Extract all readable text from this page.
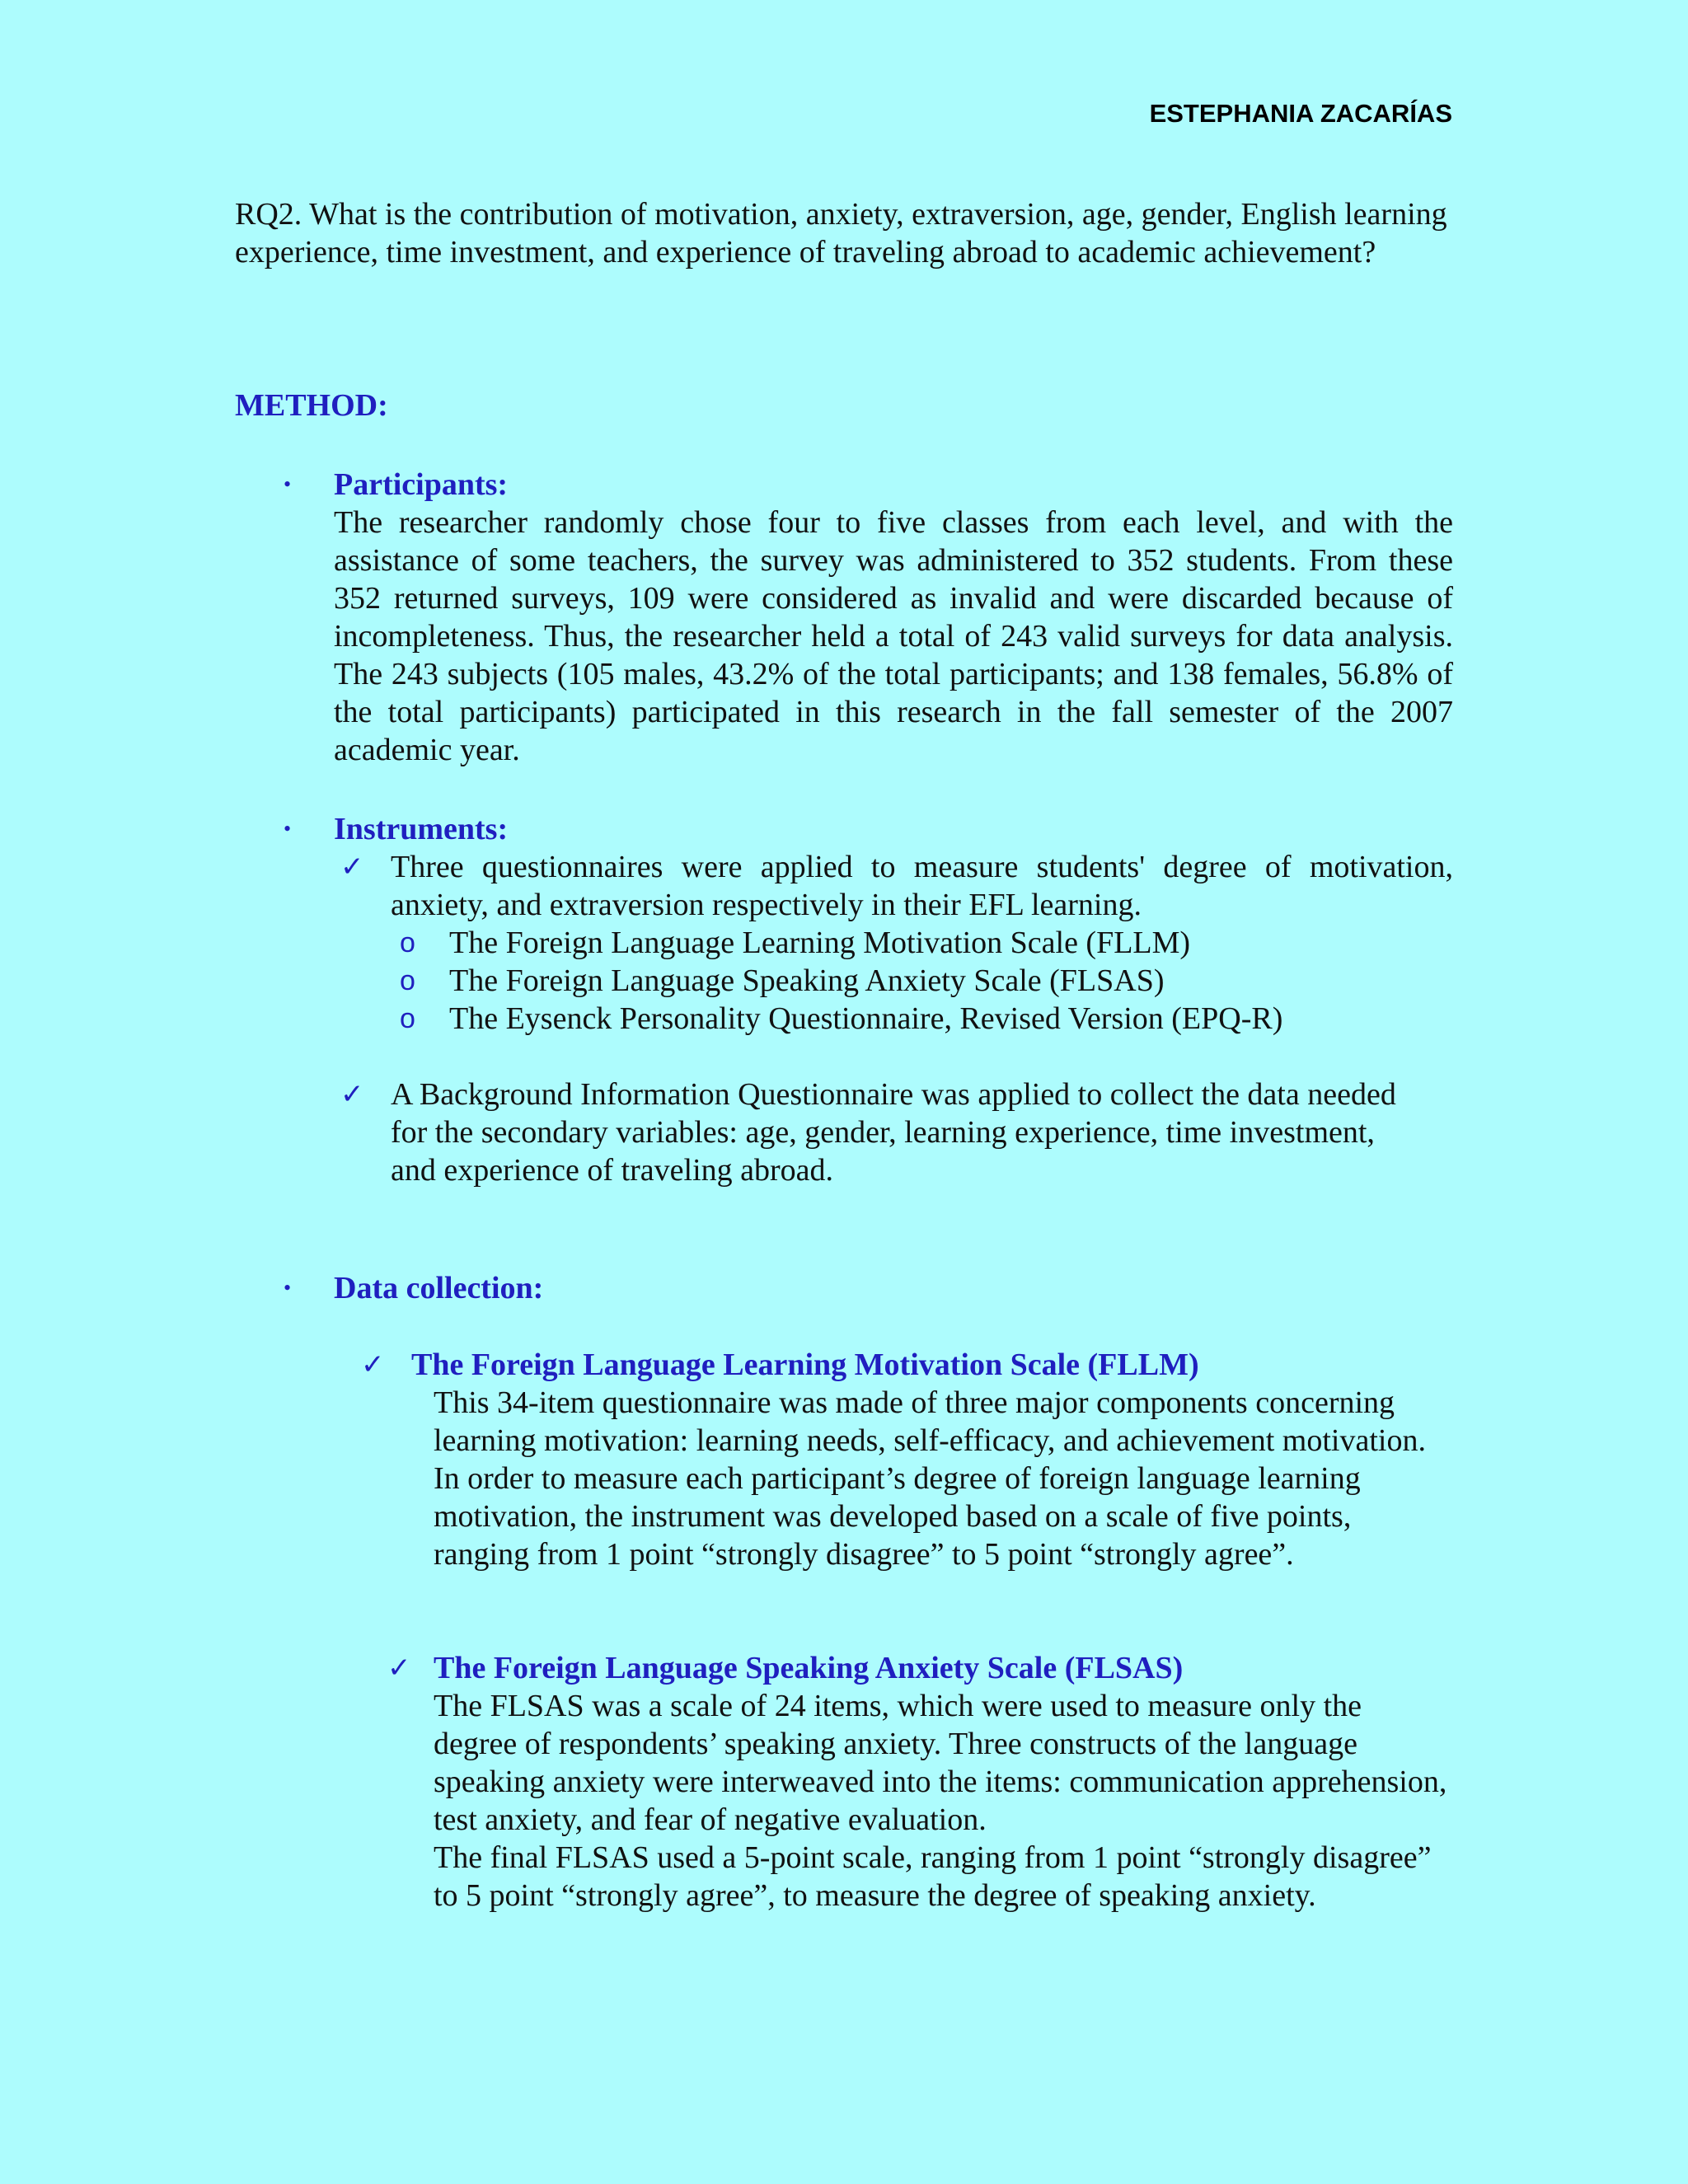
ESTEPHANIA ZACARÍAS
RQ2. What is the contribution of motivation, anxiety, extraversion, age, gender, English learning experience, time investment, and experience of traveling abroad to academic achievement?
METHOD:
• Participants:
The researcher randomly chose four to five classes from each level, and with the assistance of some teachers, the survey was administered to 352 students. From these 352 returned surveys, 109 were considered as invalid and were discarded because of incompleteness. Thus, the researcher held a total of 243 valid surveys for data analysis. The 243 subjects (105 males, 43.2% of the total participants; and 138 females, 56.8% of the total participants) participated in this research in the fall semester of the 2007 academic year.
• Instruments:
✓ Three questionnaires were applied to measure students' degree of motivation, anxiety, and extraversion respectively in their EFL learning.
o The Foreign Language Learning Motivation Scale (FLLM)
o The Foreign Language Speaking Anxiety Scale (FLSAS)
o The Eysenck Personality Questionnaire, Revised Version (EPQ-R)
✓ A Background Information Questionnaire was applied to collect the data needed for the secondary variables: age, gender, learning experience, time investment, and experience of traveling abroad.
• Data collection:
✓ The Foreign Language Learning Motivation Scale (FLLM)
This 34-item questionnaire was made of three major components concerning learning motivation: learning needs, self-efficacy, and achievement motivation. In order to measure each participant’s degree of foreign language learning motivation, the instrument was developed based on a scale of five points, ranging from 1 point “strongly disagree” to 5 point “strongly agree”.
✓ The Foreign Language Speaking Anxiety Scale (FLSAS)
The FLSAS was a scale of 24 items, which were used to measure only the degree of respondents’ speaking anxiety. Three constructs of the language speaking anxiety were interweaved into the items: communication apprehension, test anxiety, and fear of negative evaluation.
The final FLSAS used a 5-point scale, ranging from 1 point “strongly disagree” to 5 point “strongly agree”, to measure the degree of speaking anxiety.
